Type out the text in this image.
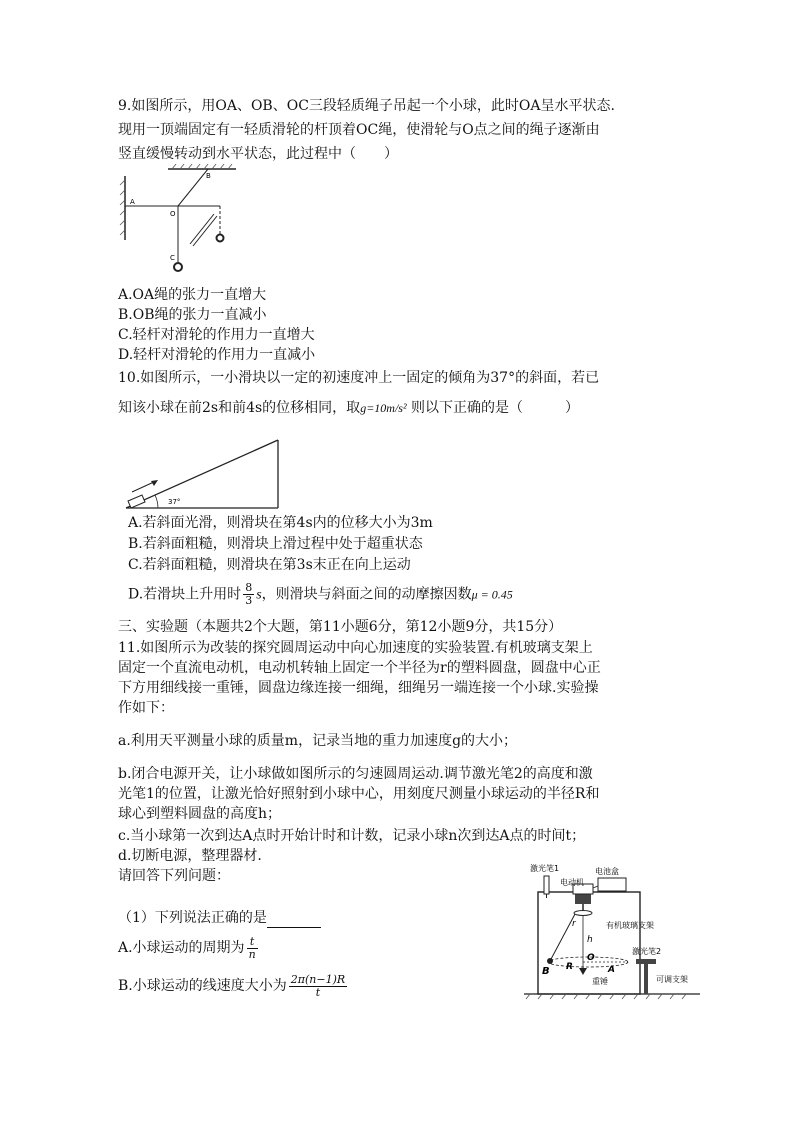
9.如图所示，用OA、OB、OC三段轻质绳子吊起一个小球，此时OA呈水平状态.
现用一顶端固定有一轻质滑轮的杆顶着OC绳，使滑轮与O点之间的绳子逐渐由
竖直缓慢转动到水平状态，此过程中（　　）
B
A
O
C
A.OA绳的张力一直增大
B.OB绳的张力一直减小
C.轻杆对滑轮的作用力一直增大
D.轻杆对滑轮的作用力一直减小
10.如图所示，一小滑块以一定的初速度冲上一固定的倾角为37°的斜面，若已
知该小球在前2s和前4s的位移相同，取g=10m/s² 则以下正确的是（　　　）
37°
A.若斜面光滑，则滑块在第4s内的位移大小为3m
B.若斜面粗糙，则滑块上滑过程中处于超重状态
C.若斜面粗糙，则滑块在第3s末正在向上运动
D.若滑块上升用时 $\frac{8}{3}$ s，则滑块与斜面之间的动摩擦因数μ = 0.45
三、实验题（本题共2个大题，第11小题6分，第12小题9分，共15分）
11.如图所示为改装的探究圆周运动中向心加速度的实验装置.有机玻璃支架上
固定一个直流电动机，电动机转轴上固定一个半径为r的塑料圆盘，圆盘中心正
下方用细线接一重锤，圆盘边缘连接一细绳，细绳另一端连接一个小球.实验操
作如下：
a.利用天平测量小球的质量m，记录当地的重力加速度g的大小；
b.闭合电源开关，让小球做如图所示的匀速圆周运动.调节激光笔2的高度和激
光笔1的位置，让激光恰好照射到小球中心，用刻度尺测量小球运动的半径R和
球心到塑料圆盘的高度h；
c.当小球第一次到达A点时开始计时和计数，记录小球n次到达A点的时间t；
d.切断电源，整理器材.
请回答下列问题：
（1）下列说法正确的是
A.小球运动的周期为 $\frac{t}{n}$
B.小球运动的线速度大小为 $\frac{2\pi(n-1)R}{t}$
激光笔1
电动机
电池盒
有机玻璃支架
激光笔2
可调支架
r
h
B R
O
A
重锤
